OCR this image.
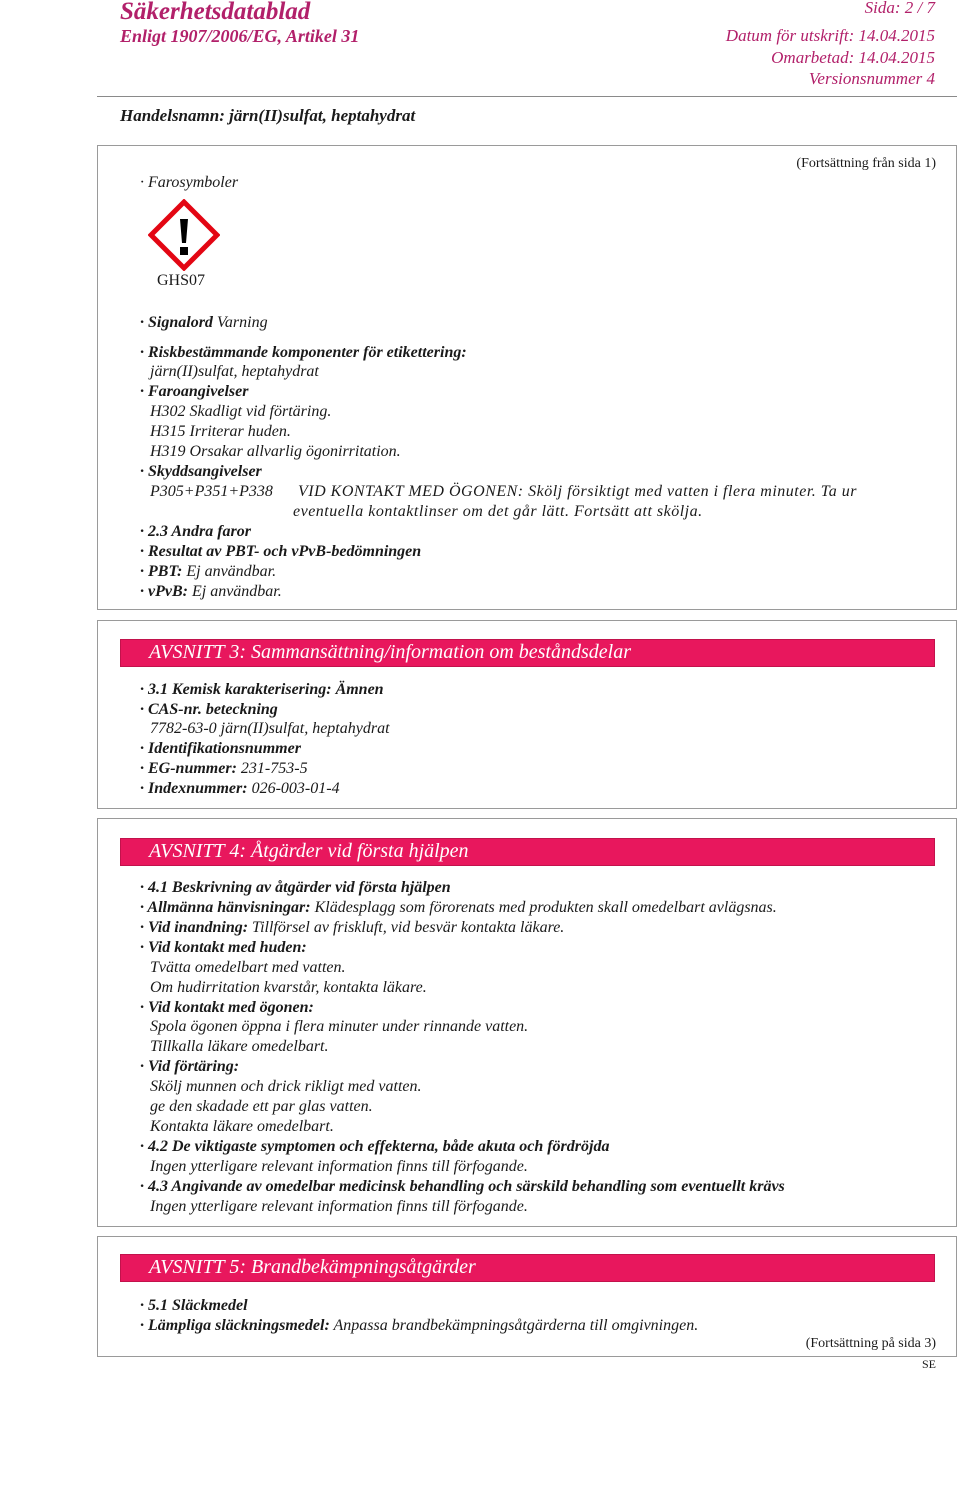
Säkerhetsdatablad
Enligt 1907/2006/EG, Artikel 31
Sida: 2 / 7
Datum för utskrift: 14.04.2015
Omarbetad: 14.04.2015
Versionsnummer 4
Handelsnamn: järn(II)sulfat, heptahydrat
(Fortsättning från sida 1)
· Farosymboler
GHS07
· Signalord Varning
· Riskbestämmande komponenter för etikettering:
järn(II)sulfat, heptahydrat
· Faroangivelser
H302 Skadligt vid förtäring.
H315 Irriterar huden.
H319 Orsakar allvarlig ögonirritation.
· Skyddsangivelser
P305+P351+P338 VID KONTAKT MED ÖGONEN: Skölj försiktigt med vatten i flera minuter. Ta ur
eventuella kontaktlinser om det går lätt. Fortsätt att skölja.
· 2.3 Andra faror
· Resultat av PBT- och vPvB-bedömningen
· PBT: Ej användbar.
· vPvB: Ej användbar.
AVSNITT 3: Sammansättning/information om beståndsdelar
· 3.1 Kemisk karakterisering: Ämnen
· CAS-nr. beteckning
7782-63-0 järn(II)sulfat, heptahydrat
· Identifikationsnummer
· EG-nummer: 231-753-5
· Indexnummer: 026-003-01-4
AVSNITT 4: Åtgärder vid första hjälpen
· 4.1 Beskrivning av åtgärder vid första hjälpen
· Allmänna hänvisningar: Klädesplagg som förorenats med produkten skall omedelbart avlägsnas.
· Vid inandning: Tillförsel av friskluft, vid besvär kontakta läkare.
· Vid kontakt med huden:
Tvätta omedelbart med vatten.
Om hudirritation kvarstår, kontakta läkare.
· Vid kontakt med ögonen:
Spola ögonen öppna i flera minuter under rinnande vatten.
Tillkalla läkare omedelbart.
· Vid förtäring:
Skölj munnen och drick rikligt med vatten.
ge den skadade ett par glas vatten.
Kontakta läkare omedelbart.
· 4.2 De viktigaste symptomen och effekterna, både akuta och fördröjda
Ingen ytterligare relevant information finns till förfogande.
· 4.3 Angivande av omedelbar medicinsk behandling och särskild behandling som eventuellt krävs
Ingen ytterligare relevant information finns till förfogande.
AVSNITT 5: Brandbekämpningsåtgärder
· 5.1 Släckmedel
· Lämpliga släckningsmedel: Anpassa brandbekämpningsåtgärderna till omgivningen.
(Fortsättning på sida 3)
SE
